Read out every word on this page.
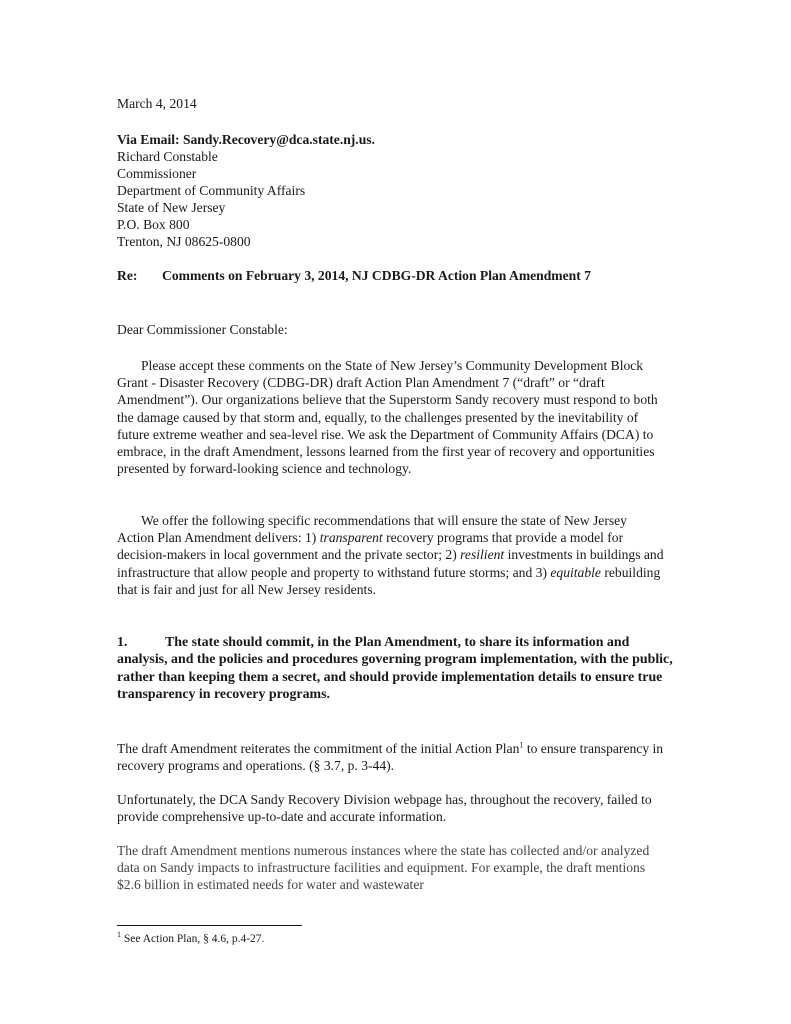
March 4, 2014
Via Email: Sandy.Recovery@dca.state.nj.us.
Richard Constable
Commissioner
Department of Community Affairs
State of New Jersey
P.O. Box 800
Trenton, NJ 08625-0800
Re: Comments on February 3, 2014, NJ CDBG-DR Action Plan Amendment 7
Dear Commissioner Constable:
Please accept these comments on the State of New Jersey’s Community Development Block Grant - Disaster Recovery (CDBG-DR) draft Action Plan Amendment 7 (“draft” or “draft Amendment”). Our organizations believe that the Superstorm Sandy recovery must respond to both the damage caused by that storm and, equally, to the challenges presented by the inevitability of future extreme weather and sea-level rise. We ask the Department of Community Affairs (DCA) to embrace, in the draft Amendment, lessons learned from the first year of recovery and opportunities presented by forward-looking science and technology.
We offer the following specific recommendations that will ensure the state of New Jersey Action Plan Amendment delivers: 1) transparent recovery programs that provide a model for decision-makers in local government and the private sector; 2) resilient investments in buildings and infrastructure that allow people and property to withstand future storms; and 3) equitable rebuilding that is fair and just for all New Jersey residents.
1.	The state should commit, in the Plan Amendment, to share its information and analysis, and the policies and procedures governing program implementation, with the public, rather than keeping them a secret, and should provide implementation details to ensure true transparency in recovery programs.
The draft Amendment reiterates the commitment of the initial Action Plan$^1$ to ensure transparency in recovery programs and operations. (§ 3.7, p. 3-44).
Unfortunately, the DCA Sandy Recovery Division webpage has, throughout the recovery, failed to provide comprehensive up-to-date and accurate information.
The draft Amendment mentions numerous instances where the state has collected and/or analyzed data on Sandy impacts to infrastructure facilities and equipment. For example, the draft mentions $2.6 billion in estimated needs for water and wastewater
$^1$ See Action Plan, § 4.6, p.4-27.
